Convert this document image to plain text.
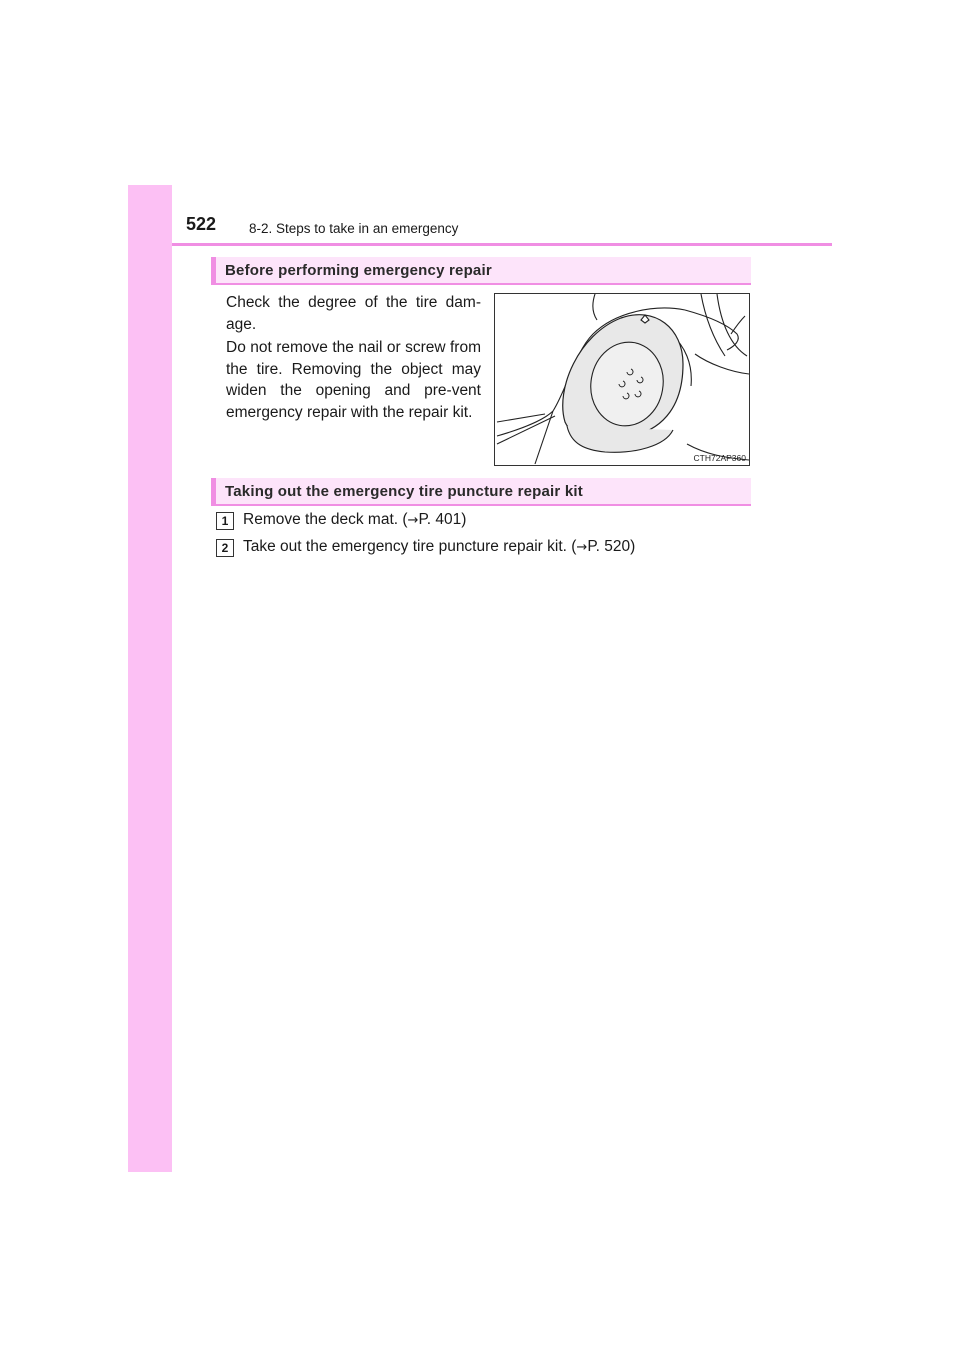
522 8-2. Steps to take in an emergency
Before performing emergency repair

Check the degree of the tire dam-age.

Do not remove the nail or screw from the tire. Removing the object may widen the opening and pre-vent emergency repair with the repair kit.

CTH72AP360
Taking out the emergency tire puncture repair kit
1 Remove the deck mat. (→P. 401)
2 Take out the emergency tire puncture repair kit. (→P. 520)
